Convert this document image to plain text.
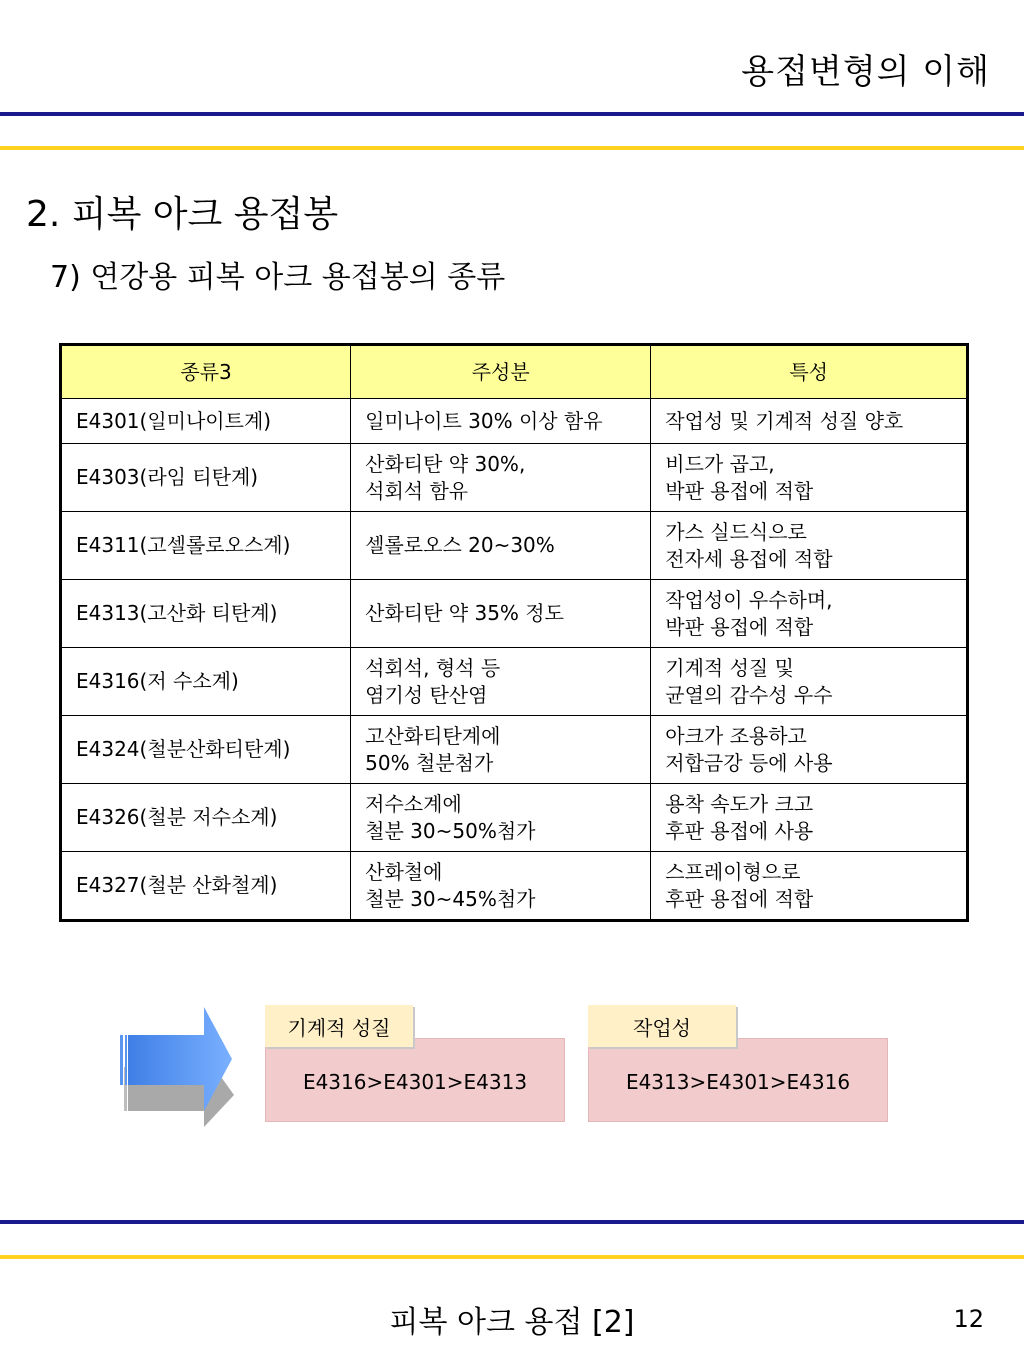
용접변형의 이해
2. 피복 아크 용접봉
7) 연강용 피복 아크 용접봉의 종류
종류3	주성분	특성
E4301(일미나이트계)	일미나이트 30% 이상 함유	작업성 및 기계적 성질 양호

E4303(라임 티탄계)	산화티탄 약 30%,
석회석 함유	비드가 곱고,
박판 용접에 적합

E4311(고셀롤로오스계)	셀롤로오스 20~30%	가스 실드식으로
전자세 용접에 적합

E4313(고산화 티탄계)	산화티탄 약 35% 정도	작업성이 우수하며,
박판 용접에 적합

E4316(저 수소계)	석회석, 형석 등
염기성 탄산염	기계적 성질 및
균열의 감수성 우수

E4324(철분산화티탄계)	고산화티탄계에
50% 철분첨가	아크가 조용하고
저합금강 등에 사용

E4326(철분 저수소계)	저수소계에
철분 30~50%첨가	용착 속도가 크고
후판 용접에 사용

E4327(철분 산화철계)	산화철에
철분 30~45%첨가	스프레이형으로
후판 용접에 적합
E4316>E4301>E4313
기계적 성질
E4313>E4301>E4316
작업성
피복 아크 용접 [2]	12
